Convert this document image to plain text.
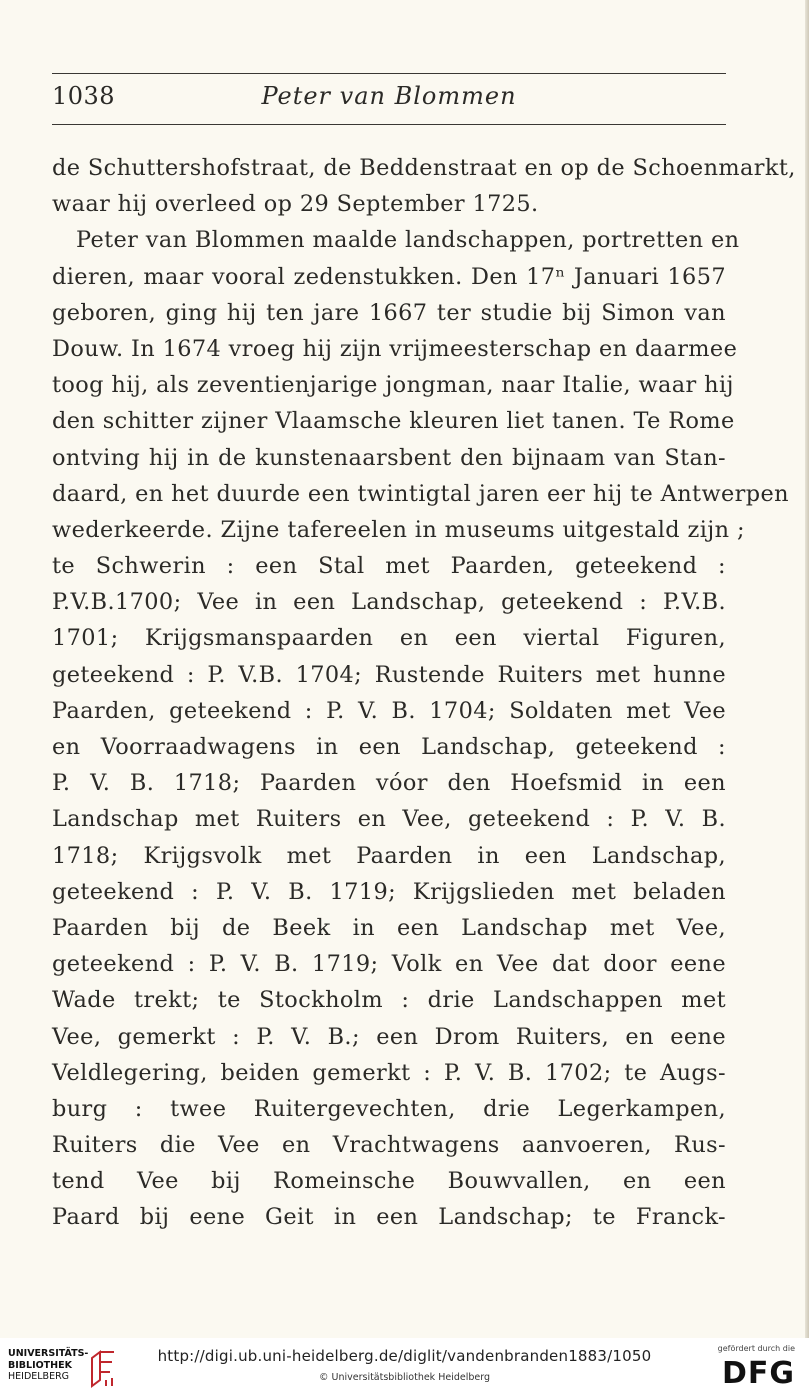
1038	Peter van Blommen
de Schuttershofstraat, de Beddenstraat en op de Schoenmarkt,
waar hij overleed op 29 September 1725.
Peter van Blommen maalde landschappen, portretten en
dieren, maar vooral zedenstukken. Den 17ⁿ Januari 1657
geboren, ging hij ten jare 1667 ter studie bij Simon van
Douw. In 1674 vroeg hij zijn vrijmeesterschap en daarmee
toog hij, als zeventienjarige jongman, naar Italie, waar hij
den schitter zijner Vlaamsche kleuren liet tanen. Te Rome
ontving hij in de kunstenaarsbent den bijnaam van Stan-
daard, en het duurde een twintigtal jaren eer hij te Antwerpen
wederkeerde. Zijne tafereelen in museums uitgestald zijn ;
te Schwerin : een Stal met Paarden, geteekend :
P.V.B.1700; Vee in een Landschap, geteekend : P.V.B.
1701; Krijgsmanspaarden en een viertal Figuren,
geteekend : P. V.B. 1704; Rustende Ruiters met hunne
Paarden, geteekend : P. V. B. 1704; Soldaten met Vee
en Voorraadwagens in een Landschap, geteekend :
P. V. B. 1718; Paarden vóor den Hoefsmid in een
Landschap met Ruiters en Vee, geteekend : P. V. B.
1718; Krijgsvolk met Paarden in een Landschap,
geteekend : P. V. B. 1719; Krijgslieden met beladen
Paarden bij de Beek in een Landschap met Vee,
geteekend : P. V. B. 1719; Volk en Vee dat door eene
Wade trekt; te Stockholm : drie Landschappen met
Vee, gemerkt : P. V. B.; een Drom Ruiters, en eene
Veldlegering, beiden gemerkt : P. V. B. 1702; te Augs-
burg : twee Ruitergevechten, drie Legerkampen,
Ruiters die Vee en Vrachtwagens aanvoeren, Rus-
tend Vee bij Romeinsche Bouwvallen, en een
Paard bij eene Geit in een Landschap; te Franck-
UNIVERSITÄTS-
BIBLIOTHEK
HEIDELBERG
http://digi.ub.uni-heidelberg.de/diglit/vandenbranden1883/1050
© Universitätsbibliothek Heidelberg
gefördert durch die
DFG
